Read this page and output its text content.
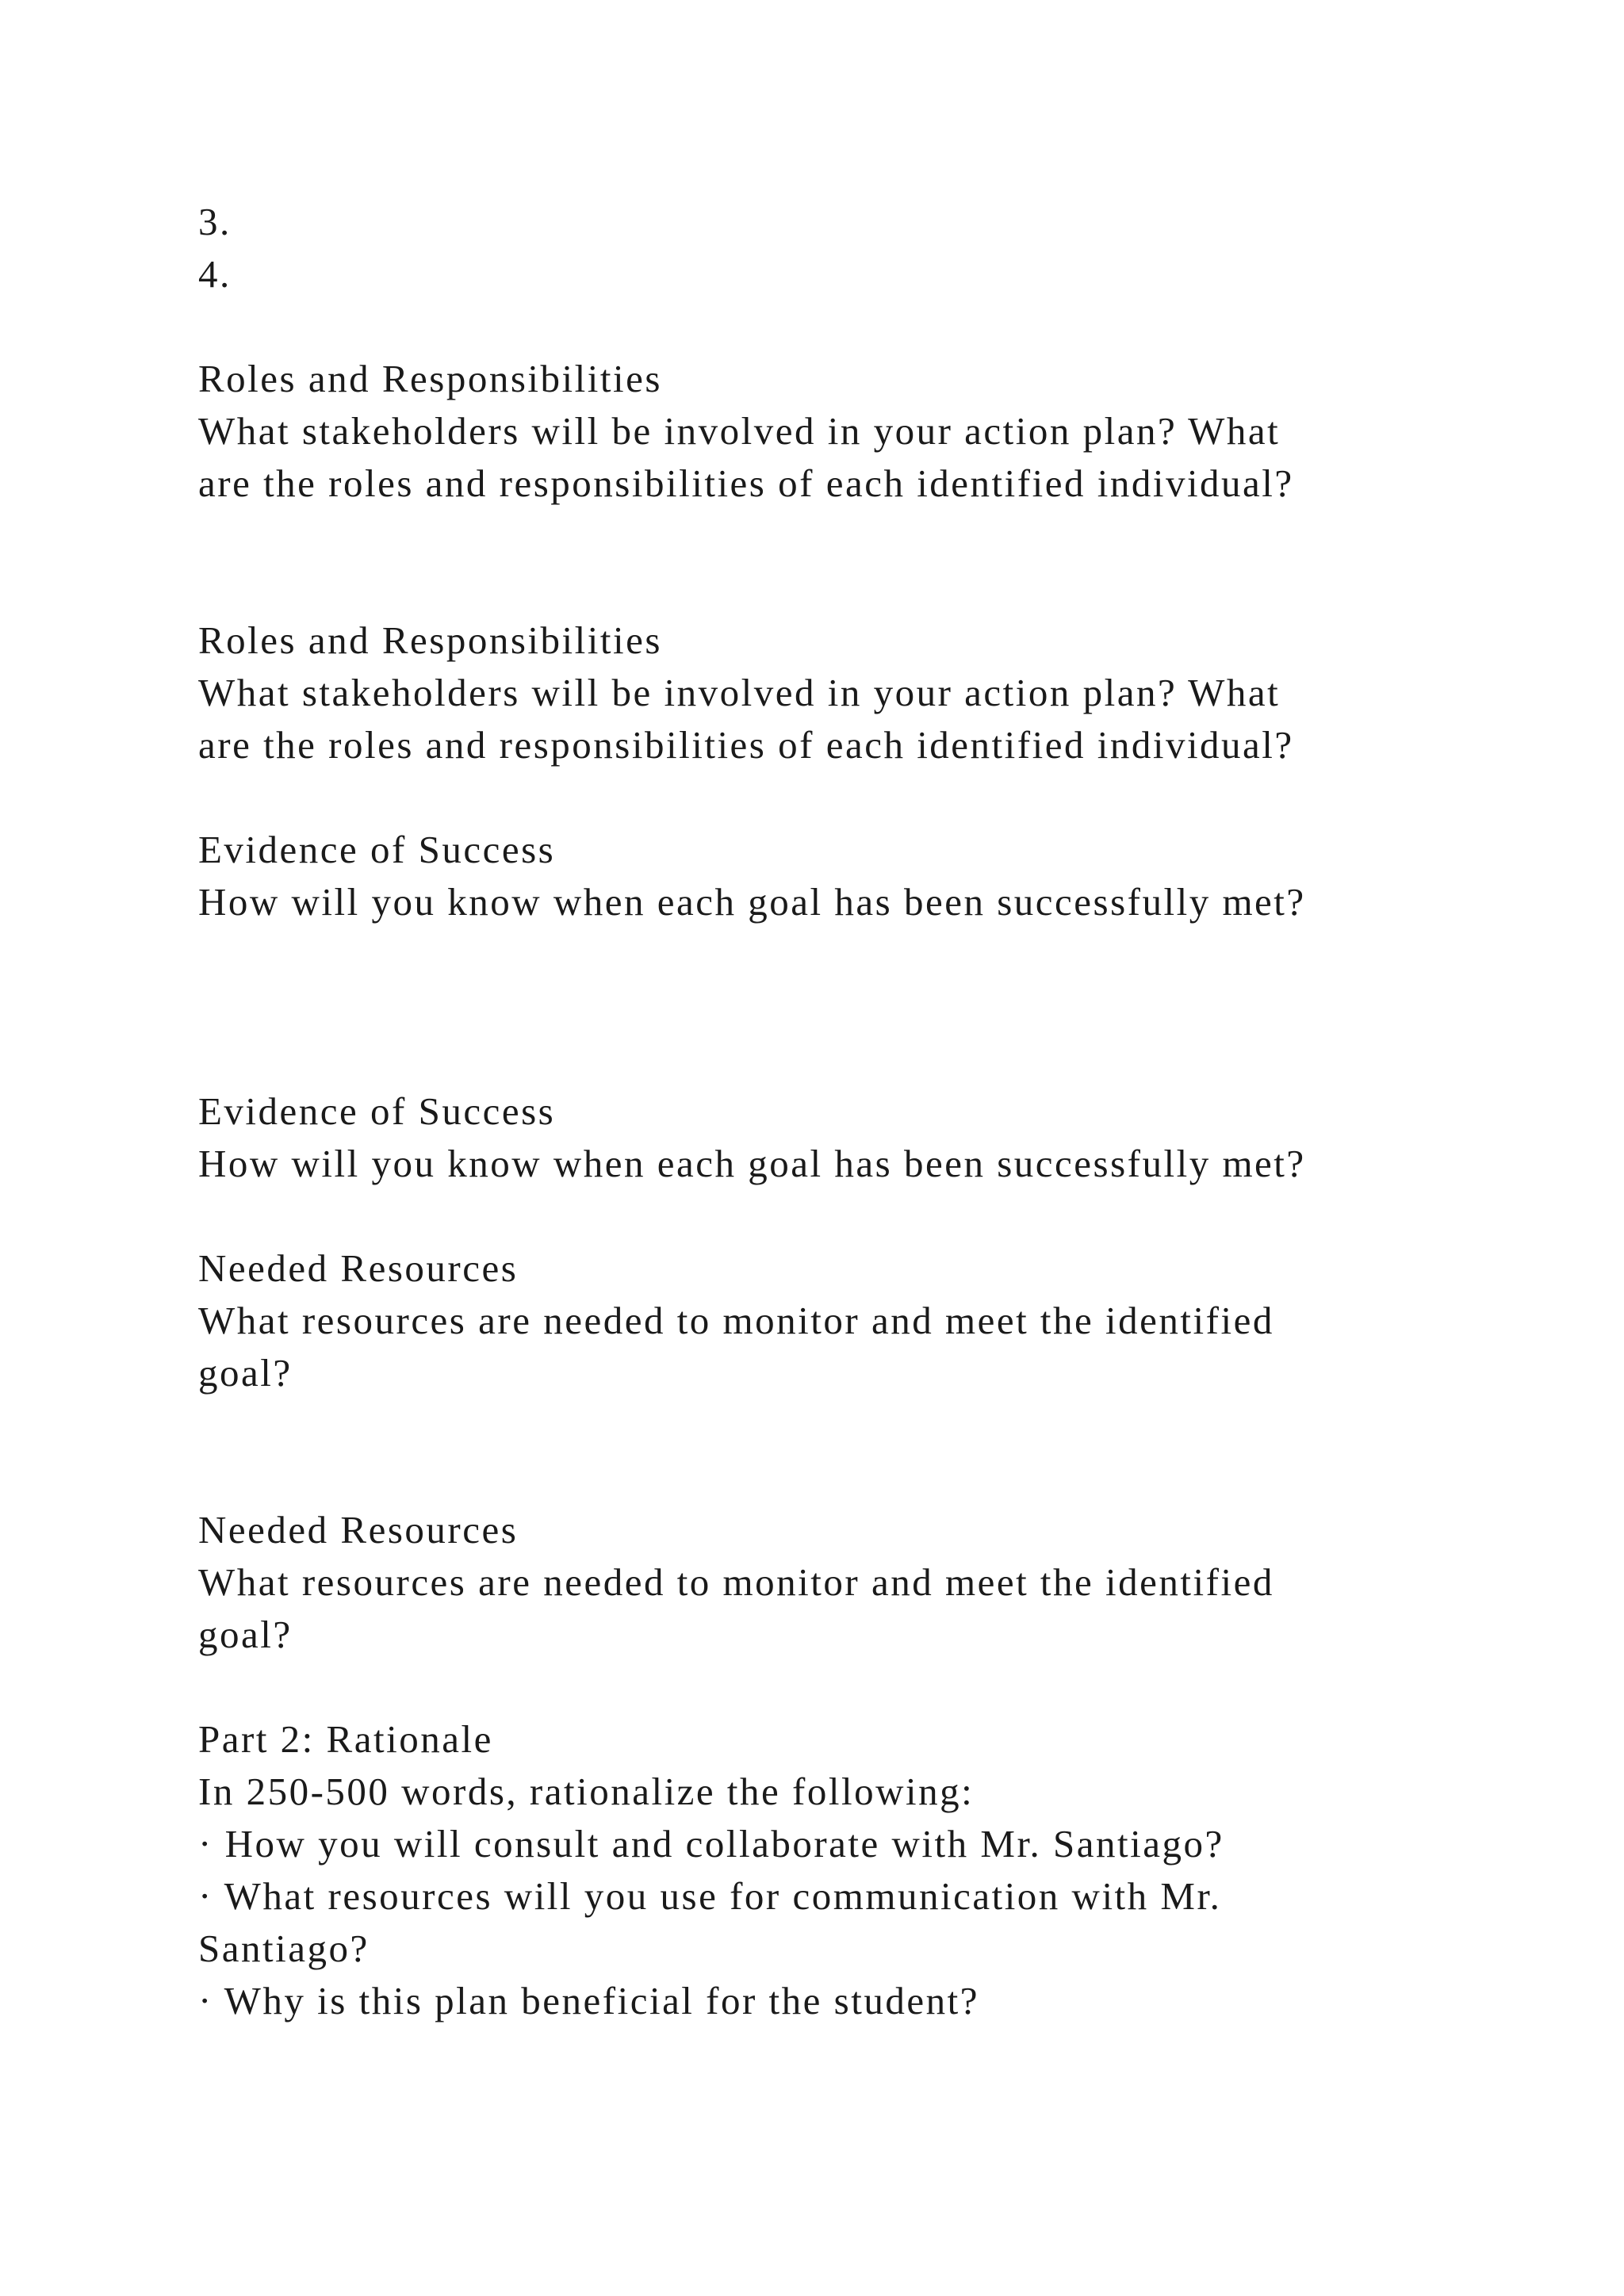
3.

4.

Roles and Responsibilities

What stakeholders will be involved in your action plan? What

are the roles and responsibilities of each identified individual?

Roles and Responsibilities

What stakeholders will be involved in your action plan? What

are the roles and responsibilities of each identified individual?

Evidence of Success

How will you know when each goal has been successfully met?

Evidence of Success

How will you know when each goal has been successfully met?

Needed Resources

What resources are needed to monitor and meet the identified

goal?

Needed Resources

What resources are needed to monitor and meet the identified

goal?

Part 2: Rationale

In 250-500 words, rationalize the following:

· How you will consult and collaborate with Mr. Santiago?

· What resources will you use for communication with Mr.

Santiago?

· Why is this plan beneficial for the student?
